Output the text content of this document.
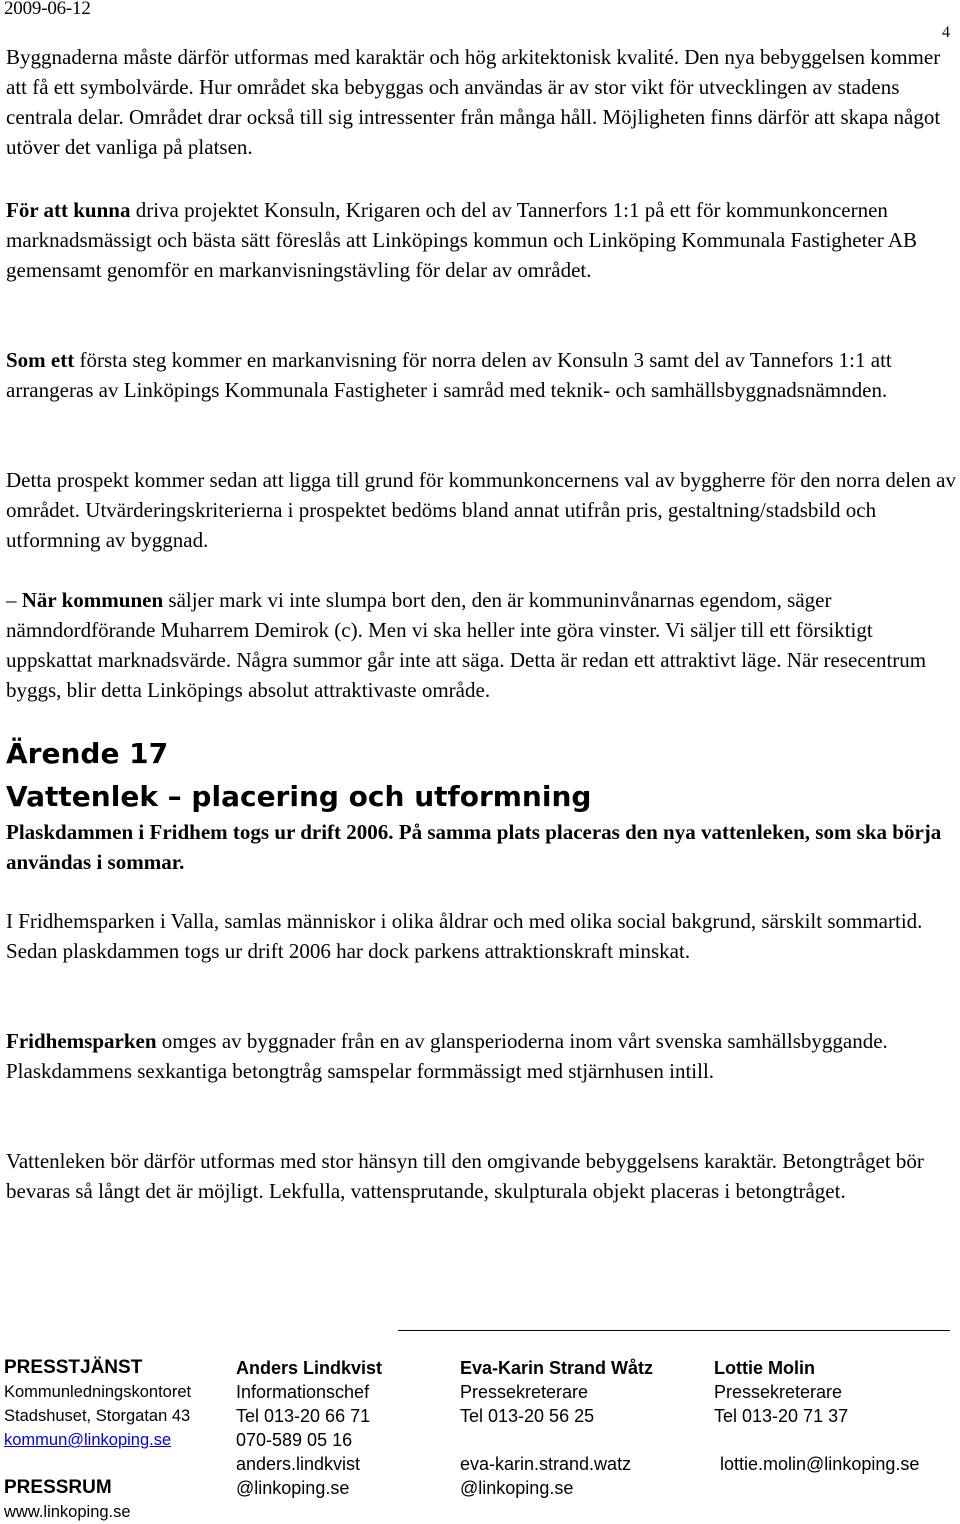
2009-06-12
4

Byggnaderna måste därför utformas med karaktär och hög arkitektonisk kvalité. Den nya bebyggelsen kommer att få ett symbolvärde. Hur området ska bebyggas och användas är av stor vikt för utvecklingen av stadens centrala delar. Området drar också till sig intressenter från många håll. Möjligheten finns därför att skapa något utöver det vanliga på platsen.

För att kunna driva projektet Konsuln, Krigaren och del av Tannerfors 1:1 på ett för kommunkoncernen marknadsmässigt och bästa sätt föreslås att Linköpings kommun och Linköping Kommunala Fastigheter AB gemensamt genomför en markanvisningstävling för delar av området.

Som ett första steg kommer en markanvisning för norra delen av Konsuln 3 samt del av Tannefors 1:1 att arrangeras av Linköpings Kommunala Fastigheter i samråd med teknik- och samhällsbyggnadsnämnden.

Detta prospekt kommer sedan att ligga till grund för kommunkoncernens val av byggherre för den norra delen av området. Utvärderingskriterierna i prospektet bedöms bland annat utifrån pris, gestaltning/stadsbild och utformning av byggnad.

– När kommunen säljer mark vi inte slumpa bort den, den är kommuninvånarnas egendom, säger nämndordförande Muharrem Demirok (c). Men vi ska heller inte göra vinster. Vi säljer till ett försiktigt uppskattat marknadsvärde. Några summor går inte att säga. Detta är redan ett attraktivt läge. När resecentrum byggs, blir detta Linköpings absolut attraktivaste område.

Ärende 17
Vattenlek – placering och utformning

Plaskdammen i Fridhem togs ur drift 2006. På samma plats placeras den nya vattenleken, som ska börja användas i sommar.

I Fridhemsparken i Valla, samlas människor i olika åldrar och med olika social bakgrund, särskilt sommartid. Sedan plaskdammen togs ur drift 2006 har dock parkens attraktionskraft minskat.

Fridhemsparken omges av byggnader från en av glansperioderna inom vårt svenska samhällsbyggande. Plaskdammens sexkantiga betongtråg samspelar formmässigt med stjärnhusen intill.

Vattenleken bör därför utformas med stor hänsyn till den omgivande bebyggelsens karaktär. Betongtråget bör bevaras så långt det är möjligt. Lekfulla, vattensprutande, skulpturala objekt placeras i betongtråget.

PRESSTJÄNST
Kommunledningskontoret
Stadshuset, Storgatan 43
kommun@linkoping.se
PRESSRUM
www.linkoping.se
Anders Lindkvist
Informationschef
Tel 013-20 66 71
070-589 05 16
anders.lindkvist
@linkoping.se
Eva-Karin Strand Wåtz
Pressekreterare
Tel 013-20 56 25
eva-karin.strand.watz
@linkoping.se
Lottie Molin
Pressekreterare
Tel 013-20 71 37
lottie.molin@linkoping.se
